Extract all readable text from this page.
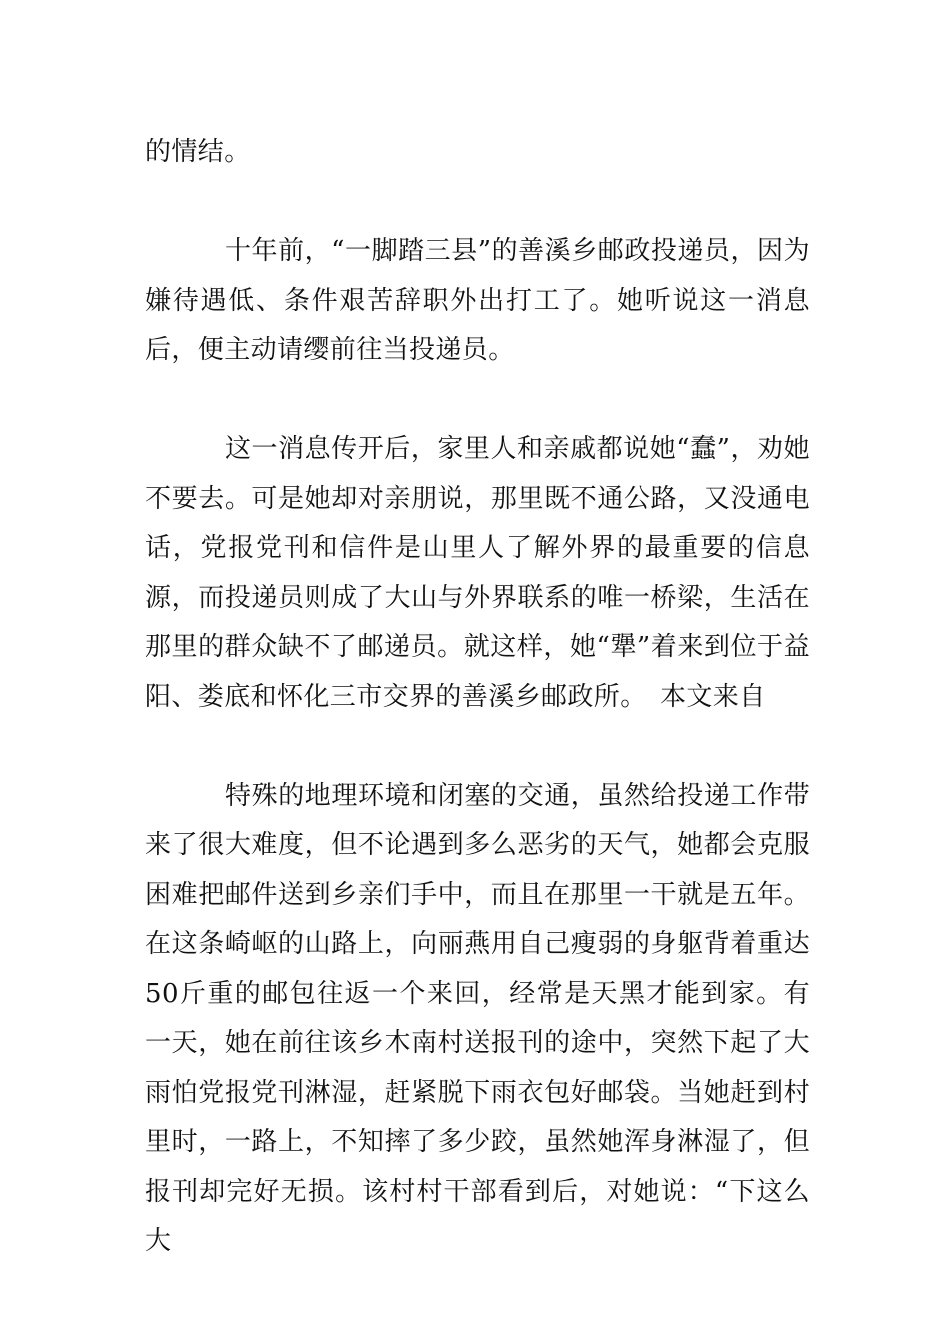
的情结。

十年前，“一脚踏三县”的善溪乡邮政投递员，因为嫌待遇低、条件艰苦辞职外出打工了。她听说这一消息后，便主动请缨前往当投递员。

这一消息传开后，家里人和亲戚都说她“蠢”，劝她不要去。可是她却对亲朋说，那里既不通公路，又没通电话，党报党刊和信件是山里人了解外界的最重要的信息源，而投递员则成了大山与外界联系的唯一桥梁，生活在那里的群众缺不了邮递员。就这样，她“犟”着来到位于益阳、娄底和怀化三市交界的善溪乡邮政所。　本文来自

特殊的地理环境和闭塞的交通，虽然给投递工作带来了很大难度，但不论遇到多么恶劣的天气，她都会克服困难把邮件送到乡亲们手中，而且在那里一干就是五年。在这条崎岖的山路上，向丽燕用自己瘦弱的身躯背着重达50斤重的邮包往返一个来回，经常是天黑才能到家。有一天，她在前往该乡木南村送报刊的途中，突然下起了大雨怕党报党刊淋湿，赶紧脱下雨衣包好邮袋。当她赶到村里时，一路上，不知摔了多少跤，虽然她浑身淋湿了，但报刊却完好无损。该村村干部看到后，对她说：“下这么大
